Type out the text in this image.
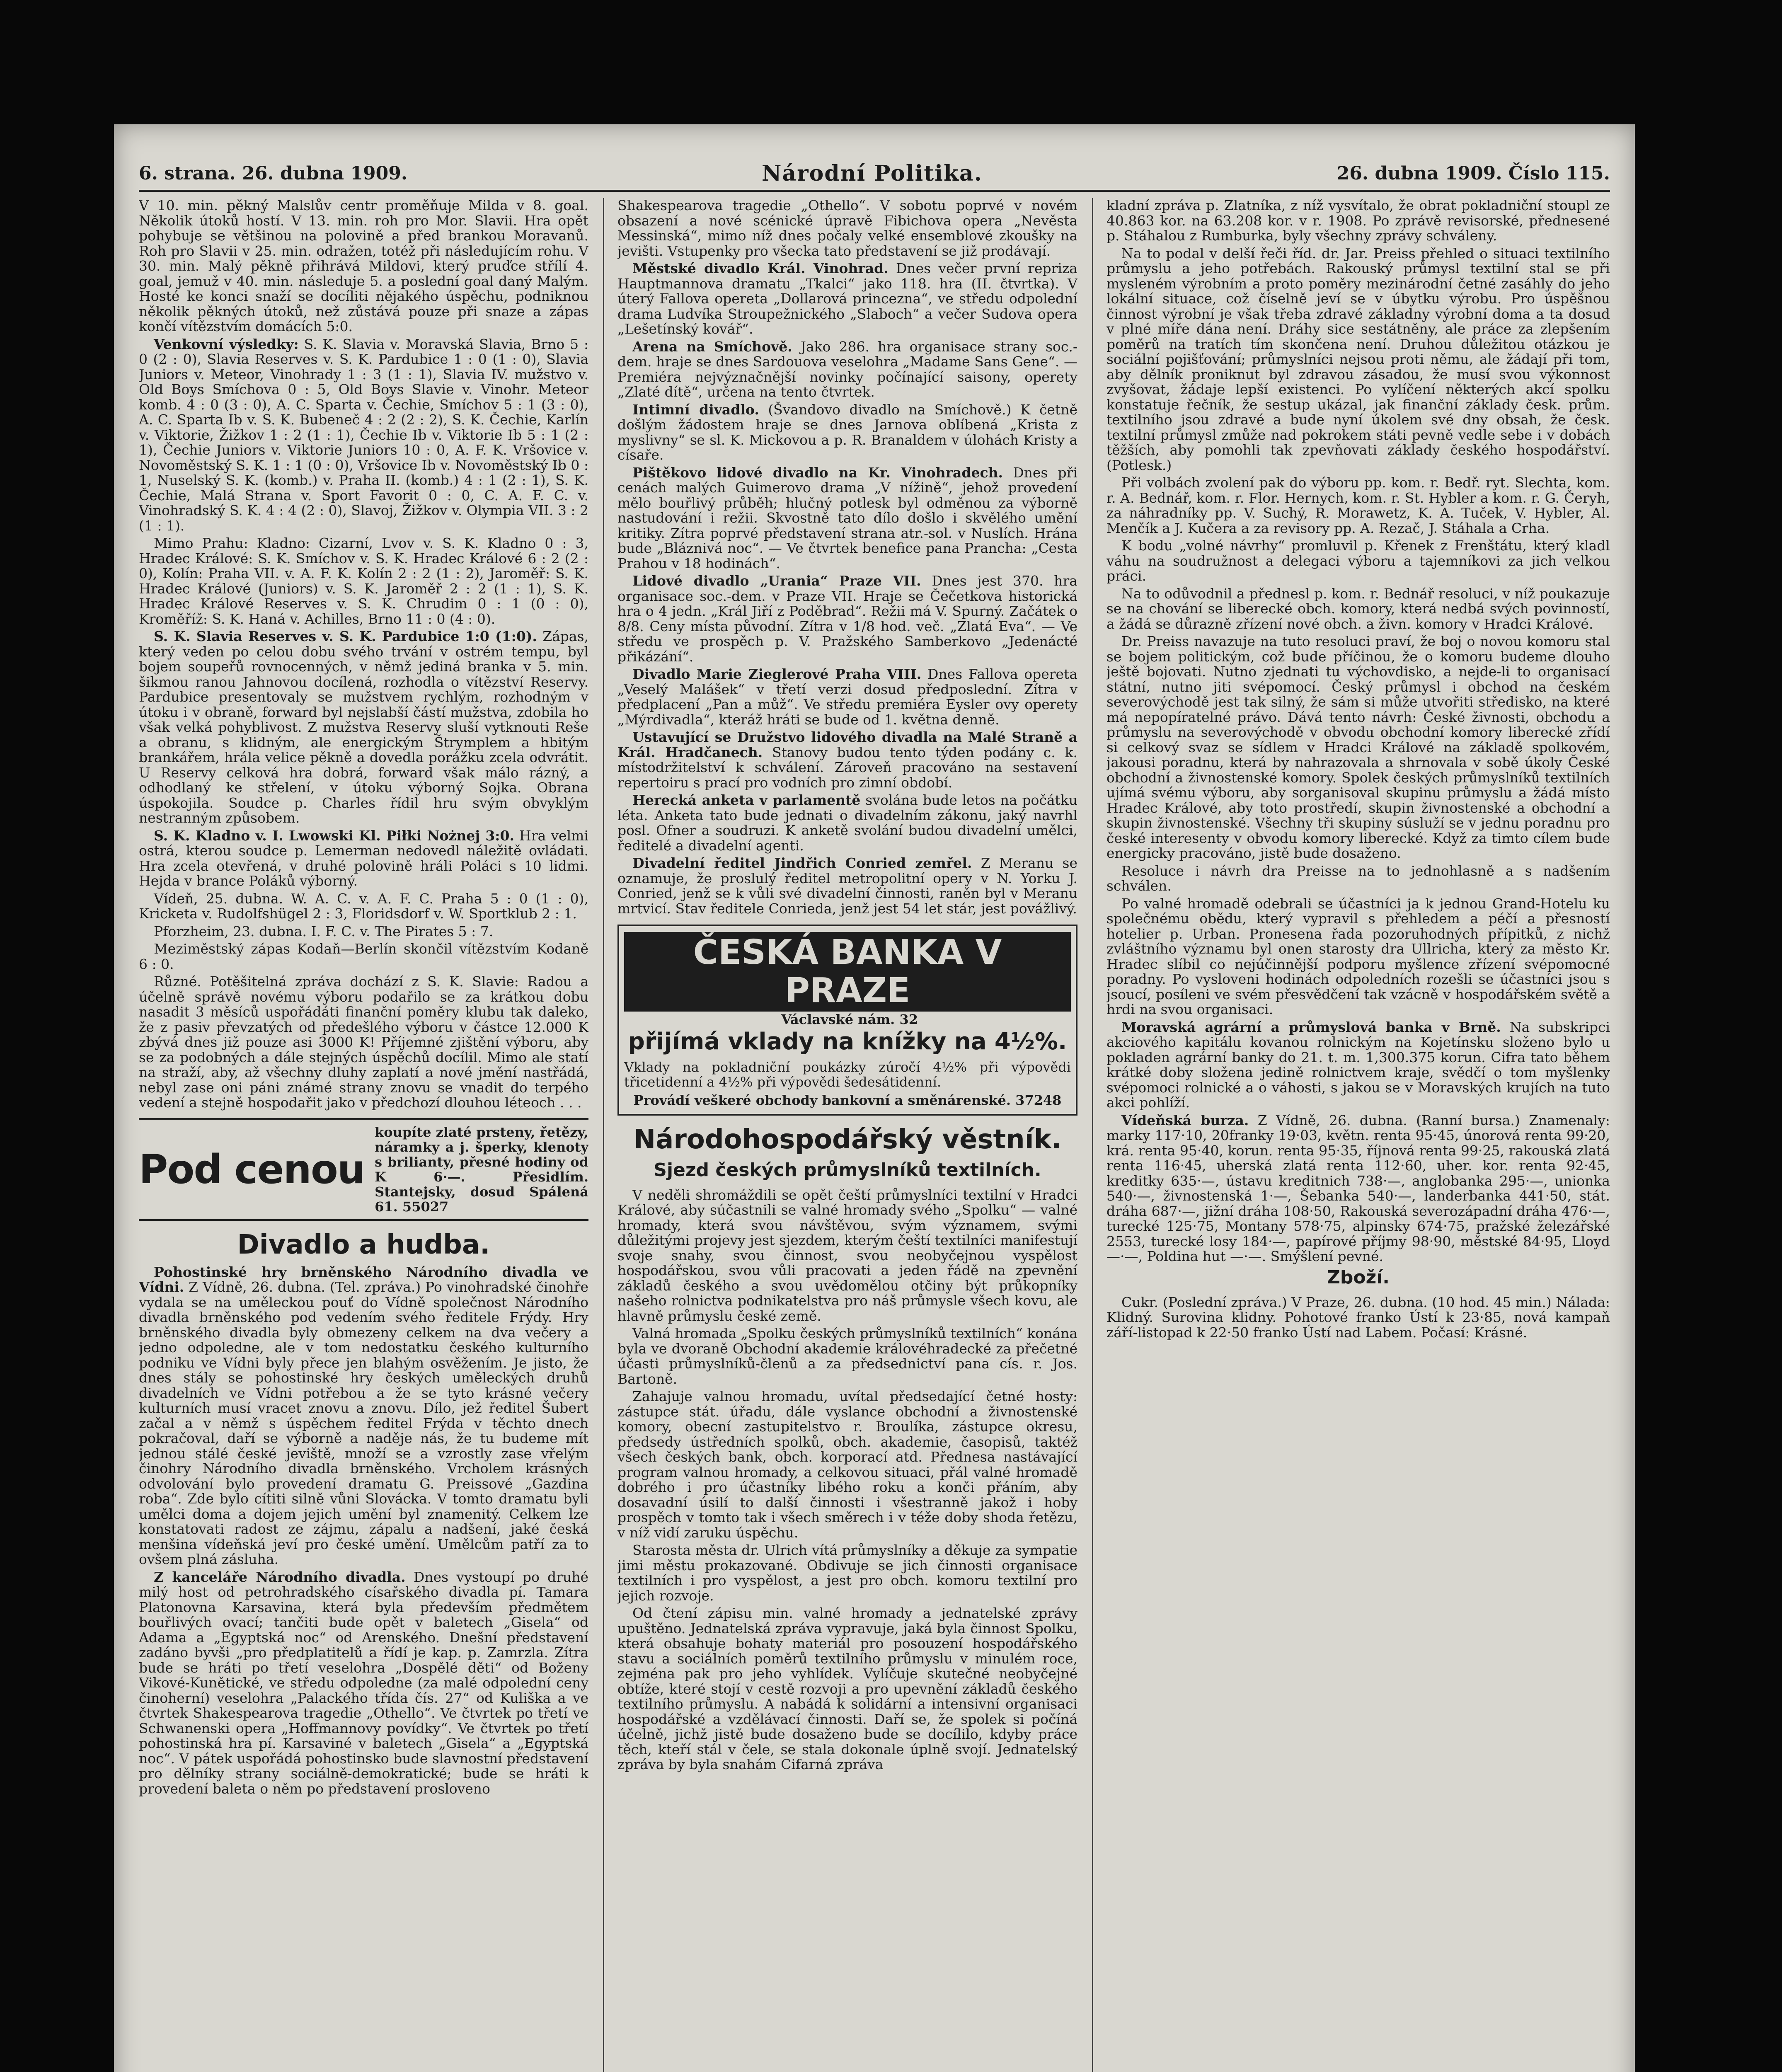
6. strana. 26. dubna 1909.	Národní Politika.	26. dubna 1909. Číslo 115.

V 10. min. pěkný Malslův centr proměňuje Milda v 8. goal. Několik útoků hostí. V 13. min. roh pro Mor. Slavii. Hra opět pohybuje se většinou na polovině a před brankou Moravanů. Roh pro Slavii v 25. min. odražen, totéž při následujícím rohu. V 30. min. Malý pěkně přihrává Mildovi, který pruďce střílí 4. goal, jemuž v 40. min. následuje 5. a poslední goal daný Malým. Hosté ke konci snaží se docíliti nějakého úspěchu, podniknou několik pěkných útoků, než zůstává pouze při snaze a zápas končí vítězstvím domácích 5:0.

Venkovní výsledky: S. K. Slavia v. Moravská Slavia, Brno 5 : 0 (2 : 0), Slavia Reserves v. S. K. Pardubice 1 : 0 (1 : 0), Slavia Juniors v. Meteor, Vinohrady 1 : 3 (1 : 1), Slavia IV. mužstvo v. Old Boys Smíchova 0 : 5, Old Boys Slavie v. Vinohr. Meteor komb. 4 : 0 (3 : 0), A. C. Sparta v. Čechie, Smíchov 5 : 1 (3 : 0), A. C. Sparta Ib v. S. K. Bubeneč 4 : 2 (2 : 2), S. K. Čechie, Karlín v. Viktorie, Žižkov 1 : 2 (1 : 1), Čechie Ib v. Viktorie Ib 5 : 1 (2 : 1), Čechie Juniors v. Viktorie Juniors 10 : 0, A. F. K. Vršovice v. Novoměstský S. K. 1 : 1 (0 : 0), Vršovice Ib v. Novoměstský Ib 0 : 1, Nuselský S. K. (komb.) v. Praha II. (komb.) 4 : 1 (2 : 1), S. K. Čechie, Malá Strana v. Sport Favorit 0 : 0, C. A. F. C. v. Vinohradský S. K. 4 : 4 (2 : 0), Slavoj, Žižkov v. Olympia VII. 3 : 2 (1 : 1).

Mimo Prahu: Kladno: Cizarní, Lvov v. S. K. Kladno 0 : 3, Hradec Králové: S. K. Smíchov v. S. K. Hradec Králové 6 : 2 (2 : 0), Kolín: Praha VII. v. A. F. K. Kolín 2 : 2 (1 : 2), Jaroměř: S. K. Hradec Králové (Juniors) v. S. K. Jaroměř 2 : 2 (1 : 1), S. K. Hradec Králové Reserves v. S. K. Chrudim 0 : 1 (0 : 0), Kroměříž: S. K. Haná v. Achilles, Brno 11 : 0 (4 : 0).

S. K. Slavia Reserves v. S. K. Pardubice 1:0 (1:0). Zápas, který veden po celou dobu svého trvání v ostrém tempu, byl bojem soupeřů rovnocenných, v němž jediná branka v 5. min. šikmou ranou Jahnovou docílená, rozhodla o vítězství Reservy. Pardubice presentovaly se mužstvem rychlým, rozhodným v útoku i v obraně, forward byl nejslabší částí mužstva, zdobila ho však velká pohyblivost. Z mužstva Reservy sluší vytknouti Reše a obranu, s klidným, ale energickým Štrymplem a hbitým brankářem, hrála velice pěkně a dovedla porážku zcela odvrátit. U Reservy celková hra dobrá, forward však málo rázný, a odhodlaný ke střelení, v útoku výborný Sojka. Obrana úspokojila. Soudce p. Charles řídil hru svým obvyklým nestranným způsobem.

S. K. Kladno v. I. Lwowski Kl. Piłki Nożnej 3:0. Hra velmi ostrá, kterou soudce p. Lemerman nedovedl náležitě ovládati. Hra zcela otevřená, v druhé polovině hráli Poláci s 10 lidmi. Hejda v brance Poláků výborný.

Vídeň, 25. dubna. W. A. C. v. A. F. C. Praha 5 : 0 (1 : 0), Kricketa v. Rudolfshügel 2 : 3, Floridsdorf v. W. Sportklub 2 : 1.

Pforzheim, 23. dubna. I. F. C. v. The Pirates 5 : 7.

Meziměstský zápas Kodaň—Berlín skončil vítězstvím Kodaně 6 : 0.

Různé. Potěšitelná zpráva dochází z S. K. Slavie: Radou a účelně správě novému výboru podařilo se za krátkou dobu nasadit 3 měsíců uspořádáti finanční poměry klubu tak daleko, že z pasiv převzatých od předešlého výboru v částce 12.000 K zbývá dnes již pouze asi 3000 K! Příjemné zjištění výboru, aby se za podobných a dále stejných úspěchů docílil. Mimo ale statí na straží, aby, až všechny dluhy zaplatí a nové jmění nastřádá, nebyl zase oni páni známé strany znovu se vnadit do terpého vedení a stejně hospodařit jako v předchozí dlouhou léteoch . . .

Pod cenou
koupíte zlaté prsteny, řetězy, náramky a j. šperky, klenoty s brilianty, přesné hodiny od K 6·—. Přesidlím. Stantejsky, dosud Spálená 61. 55027
Divadlo a hudba.

Pohostinské hry brněnského Národního divadla ve Vídni. Z Vídně, 26. dubna. (Tel. zpráva.) Po vinohradské činohře vydala se na uměleckou pouť do Vídně společnost Národního divadla brněnského pod vedením svého ředitele Frýdy. Hry brněnského divadla byly obmezeny celkem na dva večery a jedno odpoledne, ale v tom nedostatku českého kulturního podniku ve Vídni byly přece jen blahým osvěžením. Je jisto, že dnes stály se pohostinské hry českých uměleckých druhů divadelních ve Vídni potřebou a že se tyto krásné večery kulturních musí vracet znovu a znovu. Dílo, jež ředitel Šubert začal a v němž s úspěchem ředitel Frýda v těchto dnech pokračoval, daří se výborně a naděje nás, že tu budeme mít jednou stálé české jeviště, množí se a vzrostly zase vřelým činohry Národního divadla brněnského. Vrcholem krásných odvolování bylo provedení dramatu G. Preissové „Gazdina roba“. Zde bylo cítiti silně vůni Slovácka. V tomto dramatu byli umělci doma a dojem jejich umění byl znamenitý. Celkem lze konstatovati radost ze zájmu, zápalu a nadšení, jaké česká menšina vídeňská jeví pro české umění. Umělcům patří za to ovšem plná zásluha.

Z kanceláře Národního divadla. Dnes vystoupí po druhé milý host od petrohradského císařského divadla pí. Tamara Platonovna Karsavina, která byla především předmětem bouřlivých ovací; tančiti bude opět v baletech „Gisela“ od Adama a „Egyptská noc“ od Arenského. Dnešní představení zadáno byvši „pro předplatitelů a řídí je kap. p. Zamrzla. Zítra bude se hráti po třetí veselohra „Dospělé děti“ od Boženy Vikové-Kunětické, ve středu odpoledne (za malé odpolední ceny činoherní) veselohra „Palackého třída čís. 27“ od Kuliška a ve čtvrtek Shakespearova tragedie „Othello“. Ve čtvrtek po třetí ve Schwanenski opera „Hoffmannovy povídky“. Ve čtvrtek po třetí pohostinská hra pí. Karsaviné v baletech „Gisela“ a „Egyptská noc“. V pátek uspořádá pohostinsko bude slavnostní představení pro dělníky strany sociálně-demokratické; bude se hráti k provedení baleta o něm po představení prosloveno

Shakespearova tragedie „Othello“. V sobotu poprvé v novém obsazení a nové scénické úpravě Fibichova opera „Nevěsta Messinská“, mimo níž dnes počaly velké ensemblové zkoušky na jevišti. Vstupenky pro všecka tato představení se již prodávají.

Městské divadlo Král. Vinohrad. Dnes večer první repriza Hauptmannova dramatu „Tkalci“ jako 118. hra (II. čtvrtka). V úterý Fallova opereta „Dollarová princezna“, ve středu odpolední drama Ludvíka Stroupežnického „Slaboch“ a večer Sudova opera „Lešetínský kovář“.

Arena na Smíchově. Jako 286. hra organisace strany soc.-dem. hraje se dnes Sardouova veselohra „Madame Sans Gene“. — Premiéra nejvýznačnější novinky počínající saisony, operety „Zlaté dítě“, určena na tento čtvrtek.

Intimní divadlo. (Švandovo divadlo na Smíchově.) K četně došlým žádostem hraje se dnes Jarnova oblíbená „Krista z myslivny“ se sl. K. Mickovou a p. R. Branaldem v úlohách Kristy a císaře.

Pištěkovo lidové divadlo na Kr. Vinohradech. Dnes při cenách malých Guimerovo drama „V nížině“, jehož provedení mělo bouřlivý průběh; hlučný potlesk byl odměnou za výborně nastudování i režii. Skvostně tato dílo došlo i skvělého umění kritiky. Zítra poprvé představení strana atr.-sol. v Nuslích. Hrána bude „Bláznivá noc“. — Ve čtvrtek benefice pana Prancha: „Cesta Prahou v 18 hodinách“.

Lidové divadlo „Urania“ Praze VII. Dnes jest 370. hra organisace soc.-dem. v Praze VII. Hraje se Čečetkova historická hra o 4 jedn. „Král Jiří z Poděbrad“. Režii má V. Spurný. Začátek o 8/8. Ceny místa původní. Zítra v 1/8 hod. več. „Zlatá Eva“. — Ve středu ve prospěch p. V. Pražského Samberkovo „Jedenácté přikázání“.

Divadlo Marie Zieglerové Praha VIII. Dnes Fallova opereta „Veselý Malášek“ v třetí verzi dosud předposlední. Zítra v předplacení „Pan a můž“. Ve středu premiéra Eysler ovy operety „Mýrdivadla“, kteráž hráti se bude od 1. května denně.

Ustavující se Družstvo lidového divadla na Malé Straně a Král. Hradčanech. Stanovy budou tento týden podány c. k. místodržitelství k schválení. Zároveň pracováno na sestavení repertoiru s prací pro vodních pro zimní období.

Herecká anketa v parlamentě svolána bude letos na počátku léta. Anketa tato bude jednati o divadelním zákonu, jaký navrhl posl. Ofner a soudruzi. K anketě svolání budou divadelní umělci, ředitelé a divadelní agenti.

Divadelní ředitel Jindřich Conried zemřel. Z Meranu se oznamuje, že proslulý ředitel metropolitní opery v N. Yorku J. Conried, jenž se k vůli své divadelní činnosti, raněn byl v Meranu mrtvicí. Stav ředitele Conrieda, jenž jest 54 let stár, jest povážlivý.

ČESKÁ BANKA V PRAZE Václavské nám. 32
přijímá vklady na knížky na 4½%.
Vklady na pokladniční poukázky zúročí 4½% při výpovědi třicetidenní a 4½% při výpovědi šedesátidenní.
Provádí veškeré obchody bankovní a směnárenské. 37248
Národohospodářský věstník.
Sjezd českých průmyslníků textilních.

V neděli shromáždili se opět čeští průmyslníci textilní v Hradci Králové, aby súčastnili se valné hromady svého „Spolku“ — valné hromady, která svou návštěvou, svým významem, svými důležitými projevy jest sjezdem, kterým čeští textilníci manifestují svoje snahy, svou činnost, svou neobyčejnou vyspělost hospodářskou, svou vůli pracovati a jeden řádě na zpevnění základů českého a svou uvědomělou otčiny být průkopníky našeho rolnictva podnikatelstva pro náš průmysle všech kovu, ale hlavně průmyslu české země.

Valná hromada „Spolku českých průmyslníků textilních“ konána byla ve dvoraně Obchodní akademie královéhradecké za přečetné účasti průmyslníků-členů a za předsednictví pana cís. r. Jos. Bartoně.

Zahajuje valnou hromadu, uvítal předsedající četné hosty: zástupce stát. úřadu, dále vyslance obchodní a živnostenské komory, obecní zastupitelstvo r. Broulíka, zástupce okresu, předsedy ústředních spolků, obch. akademie, časopisů, taktéž všech českých bank, obch. korporací atd. Přednesa nastávající program valnou hromady, a celkovou situaci, přál valné hromadě dobrého i pro účastníky libého roku a konči přáním, aby dosavadní úsilí to další činnosti i všestranně jakož i hoby prospěch v tomto tak i všech směrech i v téže doby shoda řetězu, v níž vidí zaruku úspěchu.

Starosta města dr. Ulrich vítá průmyslníky a děkuje za sympatie jimi městu prokazované. Obdivuje se jich činnosti organisace textilních i pro vyspělost, a jest pro obch. komoru textilní pro jejich rozvoje.

Od čtení zápisu min. valné hromady a jednatelské zprávy upuštěno. Jednatelská zpráva vypravuje, jaká byla činnost Spolku, která obsahuje bohaty materiál pro posouzení hospodářského stavu a sociálních poměrů textilního průmyslu v minulém roce, zejména pak pro jeho vyhlídek. Vylíčuje skutečné neobyčejné obtíže, které stojí v cestě rozvoji a pro upevnění základů českého textilního průmyslu. A nabádá k solidární a intensivní organisaci hospodářské a vzdělávací činnosti. Daří se, že spolek si počíná účelně, jichž jistě bude dosaženo bude se docílilo, kdyby práce těch, kteří stál v čele, se stala dokonale úplně svojí. Jednatelský zpráva by byla snahám Cifarná zpráva

kladní zpráva p. Zlatníka, z níž vysvítalo, že obrat pokladniční stoupl ze 40.863 kor. na 63.208 kor. v r. 1908. Po zprávě revisorské, přednesené p. Stáhalou z Rumburka, byly všechny zprávy schváleny.

Na to podal v delší řeči říd. dr. Jar. Preiss přehled o situaci textilního průmyslu a jeho potřebách. Rakouský průmysl textilní stal se při mysleném výrobním a proto poměry mezinárodní četné zasáhly do jeho lokální situace, což číselně jeví se v úbytku výrobu. Pro úspěšnou činnost výrobní je však třeba zdravé základny výrobní doma a ta dosud v plné míře dána není. Dráhy sice sestátněny, ale práce za zlepšením poměrů na tratích tím skončena není. Druhou důležitou otázkou je sociální pojišťování; průmyslníci nejsou proti němu, ale žádají při tom, aby dělník proniknut byl zdravou zásadou, že musí svou výkonnost zvyšovat, žádaje lepší existenci. Po vylíčení některých akcí spolku konstatuje řečník, že sestup ukázal, jak finanční základy česk. prům. textilního jsou zdravé a bude nyní úkolem své dny obsah, že česk. textilní průmysl zmůže nad pokrokem státi pevně vedle sebe i v dobách těžších, aby pomohli tak zpevňovati základy českého hospodářství. (Potlesk.)

Při volbách zvolení pak do výboru pp. kom. r. Bedř. ryt. Slechta, kom. r. A. Bednář, kom. r. Flor. Hernych, kom. r. St. Hybler a kom. r. G. Čeryh, za náhradníky pp. V. Suchý, R. Morawetz, K. A. Tuček, V. Hybler, Al. Menčík a J. Kučera a za revisory pp. A. Rezač, J. Stáhala a Crha.

K bodu „volné návrhy“ promluvil p. Křenek z Frenštátu, který kladl váhu na soudružnost a delegaci výboru a tajemníkovi za jich velkou práci.

Na to odůvodnil a přednesl p. kom. r. Bednář resoluci, v níž poukazuje se na chování se liberecké obch. komory, která nedbá svých povinností, a žádá se důrazně zřízení nové obch. a živn. komory v Hradci Králové.

Dr. Preiss navazuje na tuto resoluci praví, že boj o novou komoru stal se bojem politickým, což bude příčinou, že o komoru budeme dlouho ještě bojovati. Nutno zjednati tu výchovdisko, a nejde-li to organisací státní, nutno jiti svépomocí. Český průmysl i obchod na českém severovýchodě jest tak silný, že sám si může utvořiti středisko, na které má nepopíratelné právo. Dává tento návrh: České živnosti, obchodu a průmyslu na severovýchodě v obvodu obchodní komory liberecké zřídí si celkový svaz se sídlem v Hradci Králové na základě spolkovém, jakousi poradnu, která by nahrazovala a shrnovala v sobě úkoly České obchodní a živnostenské komory. Spolek českých průmyslníků textilních ujímá svému výboru, aby sorganisoval skupinu průmyslu a žádá místo Hradec Králové, aby toto prostředí, skupin živnostenské a obchodní a skupin živnostenské. Všechny tři skupiny súsluží se v jednu poradnu pro české interesenty v obvodu komory liberecké. Když za timto cílem bude energicky pracováno, jistě bude dosaženo.

Resoluce i návrh dra Preisse na to jednohlasně a s nadšením schválen.

Po valné hromadě odebrali se účastníci ja k jednou Grand-Hotelu ku společnému obědu, který vypravil s přehledem a péčí a přesností hotelier p. Urban. Pronesena řada pozoruhodných přípitků, z nichž zvláštního významu byl onen starosty dra Ullricha, který za město Kr. Hradec slíbil co nejúčinnější podporu myšlence zřízení svépomocné poradny. Po vysloveni hodinách odpoledních rozešli se účastníci jsou s jsoucí, posíleni ve svém přesvědčení tak vzácně v hospodářském světě a hrdi na svou organisaci.

Moravská agrární a průmyslová banka v Brně. Na subskripci akciového kapitálu kovanou rolnickým na Kojetínsku složeno bylo u pokladen agrární banky do 21. t. m. 1,300.375 korun. Cifra tato během krátké doby složena jedině rolnictvem kraje, svědčí o tom myšlenky svépomoci rolnické a o váhosti, s jakou se v Moravských krujích na tuto akci pohlíží.

Vídeňská burza. Z Vídně, 26. dubna. (Ranní bursa.) Znamenaly: marky 117·10, 20franky 19·03, květn. renta 95·45, únorová renta 99·20, krá. renta 95·40, korun. renta 95·35, říjnová renta 99·25, rakouská zlatá renta 116·45, uherská zlatá renta 112·60, uher. kor. renta 92·45, kreditky 635·—, ústavu kreditnich 738·—, anglobanka 295·—, unionka 540·—, živnostenská 1·—, Šebanka 540·—, landerbanka 441·50, stát. dráha 687·—, jižní dráha 108·50, Rakouská severozápadní dráha 476·—, turecké 125·75, Montany 578·75, alpinsky 674·75, pražské železářské 2553, turecké losy 184·—, papírové příjmy 98·90, městské 84·95, Lloyd —·—, Poldina hut —·—. Smýšlení pevné.

Zboží.

Cukr. (Poslední zpráva.) V Praze, 26. dubna. (10 hod. 45 min.) Nálada: Klidný. Surovina klidny. Pohotové franko Ústí k 23·85, nová kampaň září-listopad k 22·50 franko Ústí nad Labem. Počasí: Krásné.
